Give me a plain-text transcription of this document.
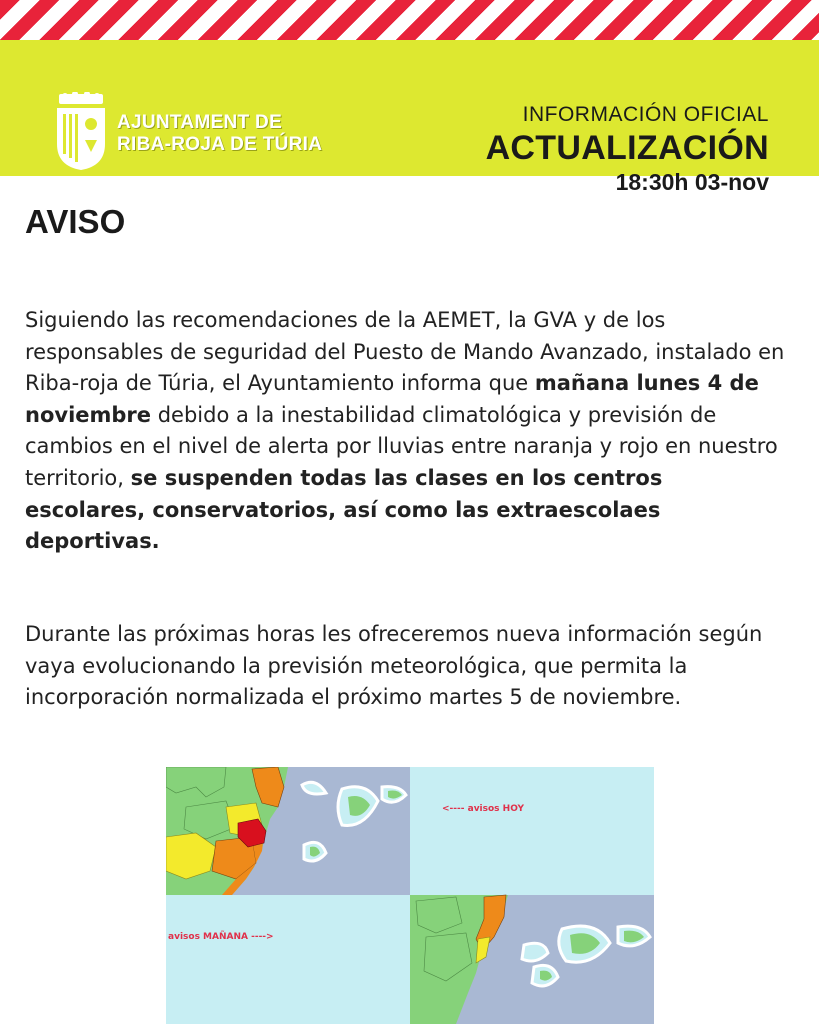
AJUNTAMENT DE
RIBA-ROJA DE TÚRIA
INFORMACIÓN OFICIAL
ACTUALIZACIÓN
18:30h 03-nov
AVISO
Siguiendo las recomendaciones de la AEMET, la GVA y de los responsables de seguridad del Puesto de Mando Avanzado, instalado en Riba-roja de Túria, el Ayuntamiento informa que mañana lunes 4 de noviembre debido a la inestabilidad climatológica y previsión de cambios en el nivel de alerta por lluvias entre naranja y rojo en nuestro territorio, se suspenden todas las clases en los centros escolares, conservatorios, así como las extraescolaes deportivas.
Durante las próximas horas les ofreceremos nueva información según vaya evolucionando la previsión meteorológica, que permita la incorporación normalizada el próximo martes 5 de noviembre.
<---- avisos HOY
avisos MAÑANA ---->
